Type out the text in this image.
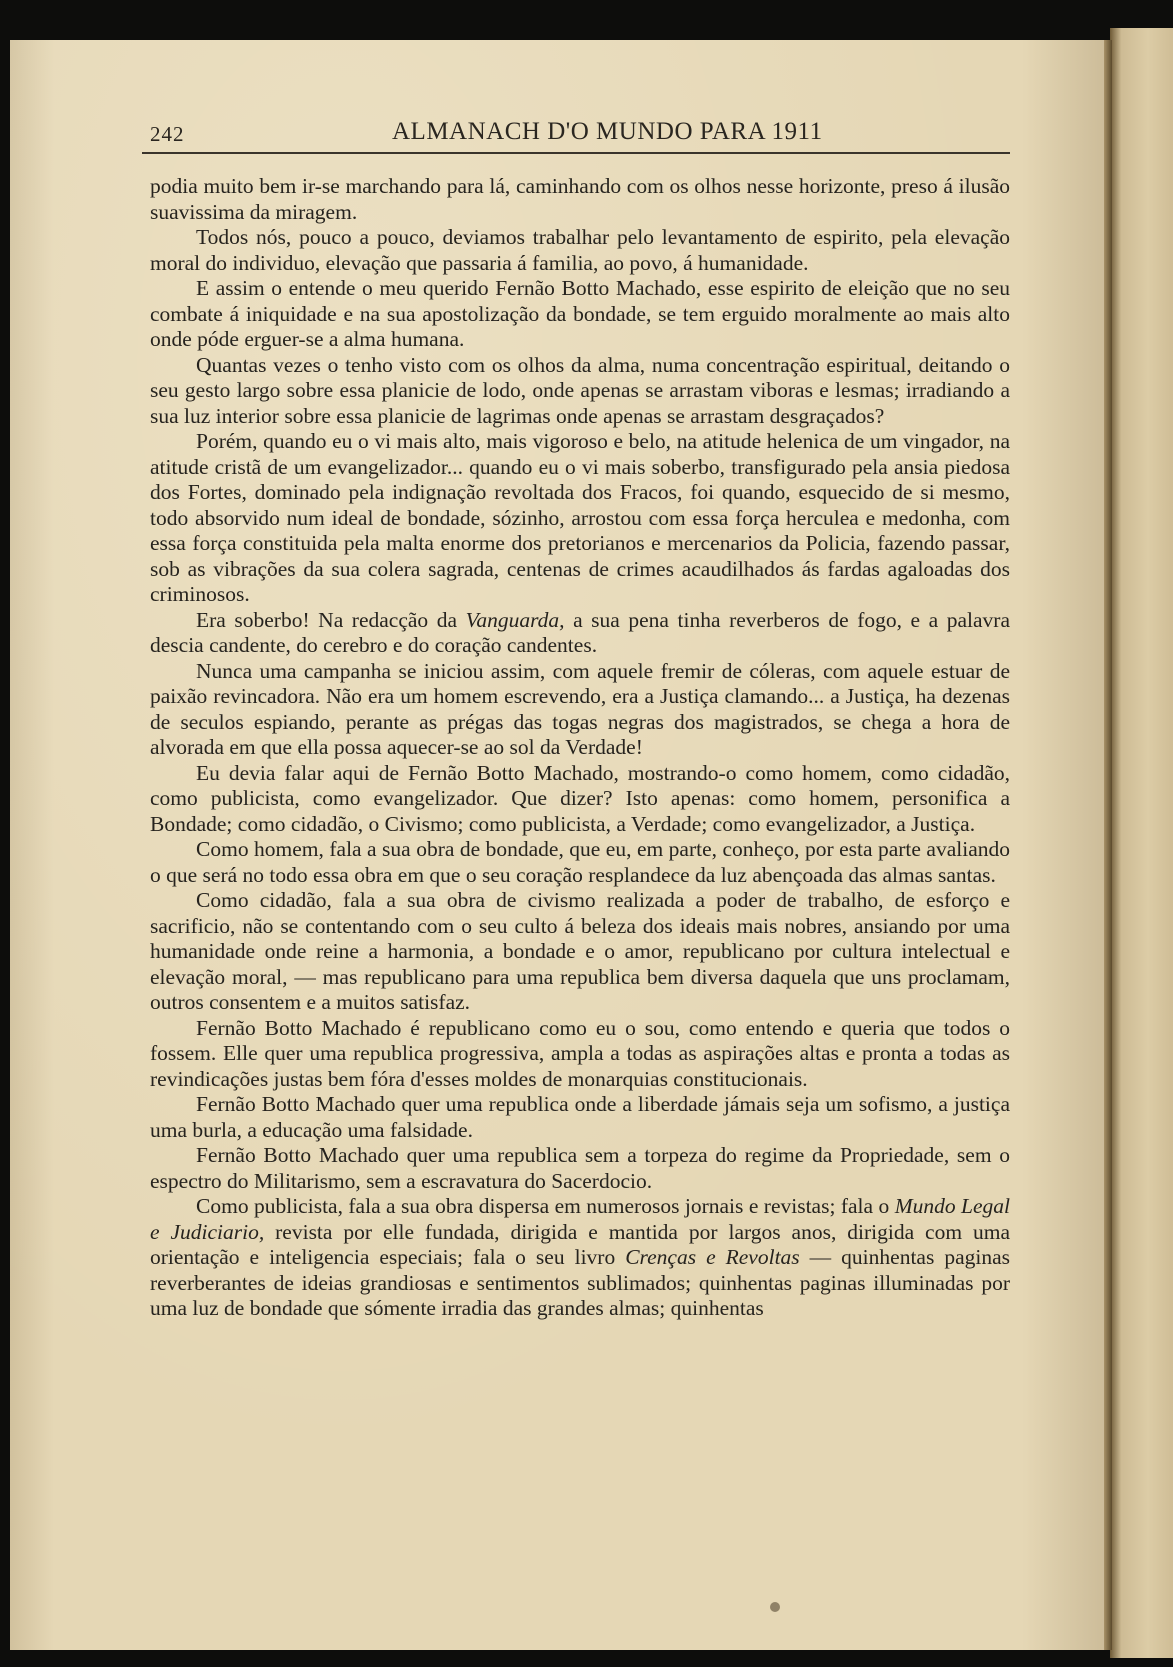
242	ALMANACH D'O MUNDO PARA 1911

podia muito bem ir-se marchando para lá, caminhando com os olhos nesse horizonte, preso á ilusão suavissima da miragem.

Todos nós, pouco a pouco, deviamos trabalhar pelo levantamento de espirito, pela elevação moral do individuo, elevação que passaria á familia, ao povo, á humanidade.

E assim o entende o meu querido Fernão Botto Machado, esse espirito de eleição que no seu combate á iniquidade e na sua apostolização da bondade, se tem erguido moralmente ao mais alto onde póde erguer-se a alma humana.

Quantas vezes o tenho visto com os olhos da alma, numa concentração espiritual, deitando o seu gesto largo sobre essa planicie de lodo, onde apenas se arrastam viboras e lesmas; irradiando a sua luz interior sobre essa planicie de lagrimas onde apenas se arrastam desgraçados?

Porém, quando eu o vi mais alto, mais vigoroso e belo, na atitude helenica de um vingador, na atitude cristã de um evangelizador... quando eu o vi mais soberbo, transfigurado pela ansia piedosa dos Fortes, dominado pela indignação revoltada dos Fracos, foi quando, esquecido de si mesmo, todo absorvido num ideal de bondade, sózinho, arrostou com essa força herculea e medonha, com essa força constituida pela malta enorme dos pretorianos e mercenarios da Policia, fazendo passar, sob as vibrações da sua colera sagrada, centenas de crimes acaudilhados ás fardas agaloadas dos criminosos.

Era soberbo! Na redacção da Vanguarda, a sua pena tinha reverberos de fogo, e a palavra descia candente, do cerebro e do coração candentes.

Nunca uma campanha se iniciou assim, com aquele fremir de cóleras, com aquele estuar de paixão revincadora. Não era um homem escrevendo, era a Justiça clamando... a Justiça, ha dezenas de seculos espiando, perante as prégas das togas negras dos magistrados, se chega a hora de alvorada em que ella possa aquecer-se ao sol da Verdade!

Eu devia falar aqui de Fernão Botto Machado, mostrando-o como homem, como cidadão, como publicista, como evangelizador. Que dizer? Isto apenas: como homem, personifica a Bondade; como cidadão, o Civismo; como publicista, a Verdade; como evangelizador, a Justiça.

Como homem, fala a sua obra de bondade, que eu, em parte, conheço, por esta parte avaliando o que será no todo essa obra em que o seu coração resplandece da luz abençoada das almas santas.

Como cidadão, fala a sua obra de civismo realizada a poder de trabalho, de esforço e sacrificio, não se contentando com o seu culto á beleza dos ideais mais nobres, ansiando por uma humanidade onde reine a harmonia, a bondade e o amor, republicano por cultura intelectual e elevação moral, — mas republicano para uma republica bem diversa daquela que uns proclamam, outros consentem e a muitos satisfaz.

Fernão Botto Machado é republicano como eu o sou, como entendo e queria que todos o fossem. Elle quer uma republica progressiva, ampla a todas as aspirações altas e pronta a todas as revindicações justas bem fóra d'esses moldes de monarquias constitucionais.

Fernão Botto Machado quer uma republica onde a liberdade jámais seja um sofismo, a justiça uma burla, a educação uma falsidade.

Fernão Botto Machado quer uma republica sem a torpeza do regime da Propriedade, sem o espectro do Militarismo, sem a escravatura do Sacerdocio.

Como publicista, fala a sua obra dispersa em numerosos jornais e revistas; fala o Mundo Legal e Judiciario, revista por elle fundada, dirigida e mantida por largos anos, dirigida com uma orientação e inteligencia especiais; fala o seu livro Crenças e Revoltas — quinhentas paginas reverberantes de ideias grandiosas e sentimentos sublimados; quinhentas paginas illuminadas por uma luz de bondade que sómente irradia das grandes almas; quinhentas
